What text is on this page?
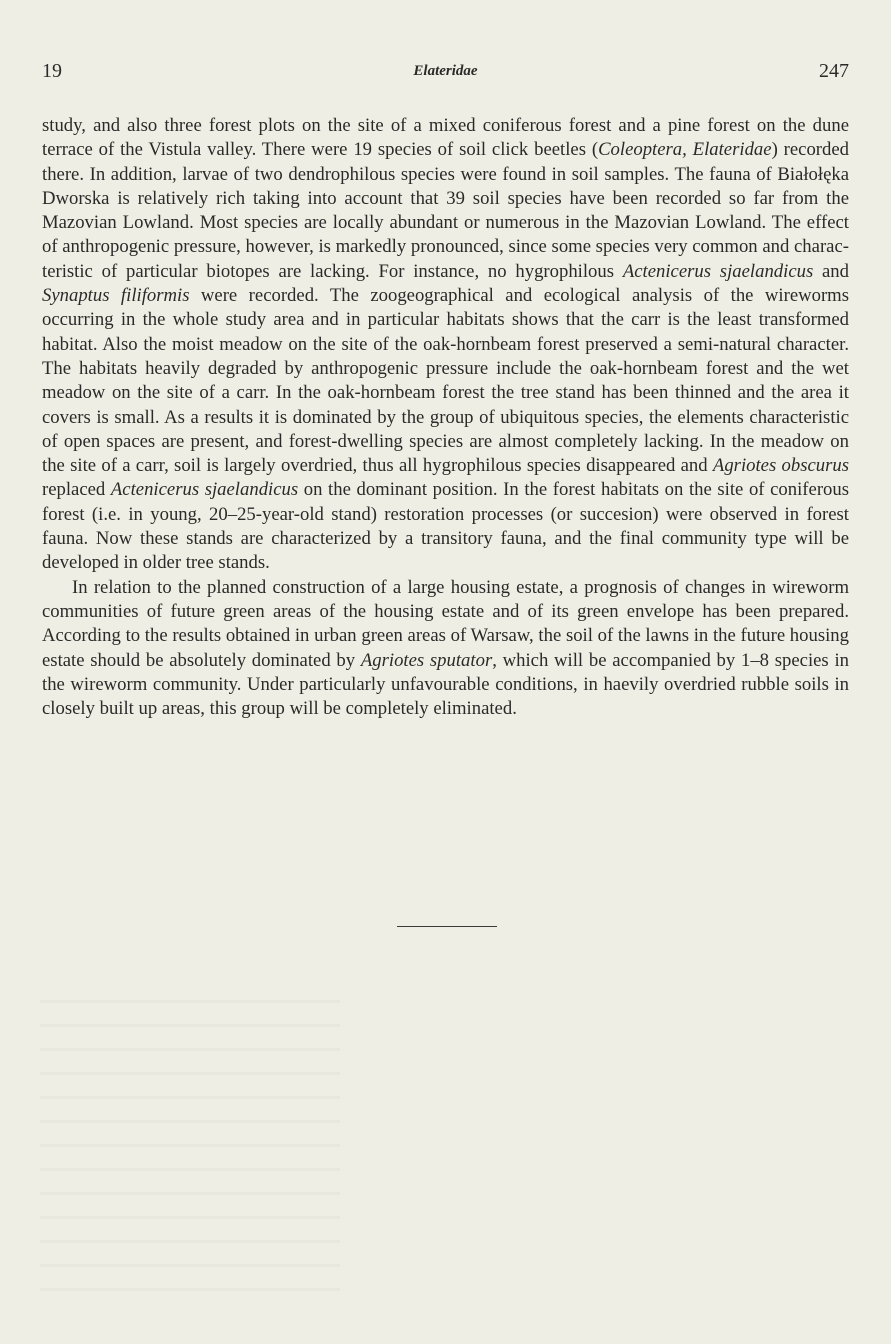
19	Elateridae	247

study, and also three forest plots on the site of a mixed coniferous forest and a pine forest on the dune terrace of the Vistula valley. There were 19 species of soil click beetles (Coleoptera, Elateridae) recorded there. In addition, larvae of two dendrophilous species were found in soil samples. The fauna of Białołęka Dworska is relatively rich taking into account that 39 soil species have been recorded so far from the Mazovian Lowland. Most species are locally abundant or numerous in the Mazovian Lowland. The effect of anthropogenic pressure, however, is markedly pronounced, since some species very common and characteristic of particular biotopes are lacking. For instance, no hygrophilous Actenicerus sjaelandicus and Synaptus filiformis were recorded. The zoogeographical and ecological analysis of the wireworms occurring in the whole study area and in particular habitats shows that the carr is the least transformed habitat. Also the moist meadow on the site of the oak-hornbeam forest preserved a semi-natural character. The habitats heavily degraded by anthropogenic pressure include the oak-hornbeam forest and the wet meadow on the site of a carr. In the oak-hornbeam forest the tree stand has been thinned and the area it covers is small. As a results it is dominated by the group of ubiquitous species, the elements characteristic of open spaces are present, and forest-dwelling species are almost completely lacking. In the meadow on the site of a carr, soil is largely overdried, thus all hygrophilous species disappeared and Agriotes obscurus replaced Actenicerus sjaelandicus on the dominant position. In the forest habitats on the site of coniferous forest (i.e. in young, 20–25-year-old stand) restoration processes (or succesion) were observed in forest fauna. Now these stands are characterized by a transitory fauna, and the final community type will be developed in older tree stands.

In relation to the planned construction of a large housing estate, a prognosis of changes in wireworm communities of future green areas of the housing estate and of its green envelope has been prepared. According to the results obtained in urban green areas of Warsaw, the soil of the lawns in the future housing estate should be absolutely dominated by Agriotes sputator, which will be accompanied by 1–8 species in the wireworm community. Under particularly unfavourable conditions, in haevily overdried rubble soils in closely built up areas, this group will be completely eliminated.
